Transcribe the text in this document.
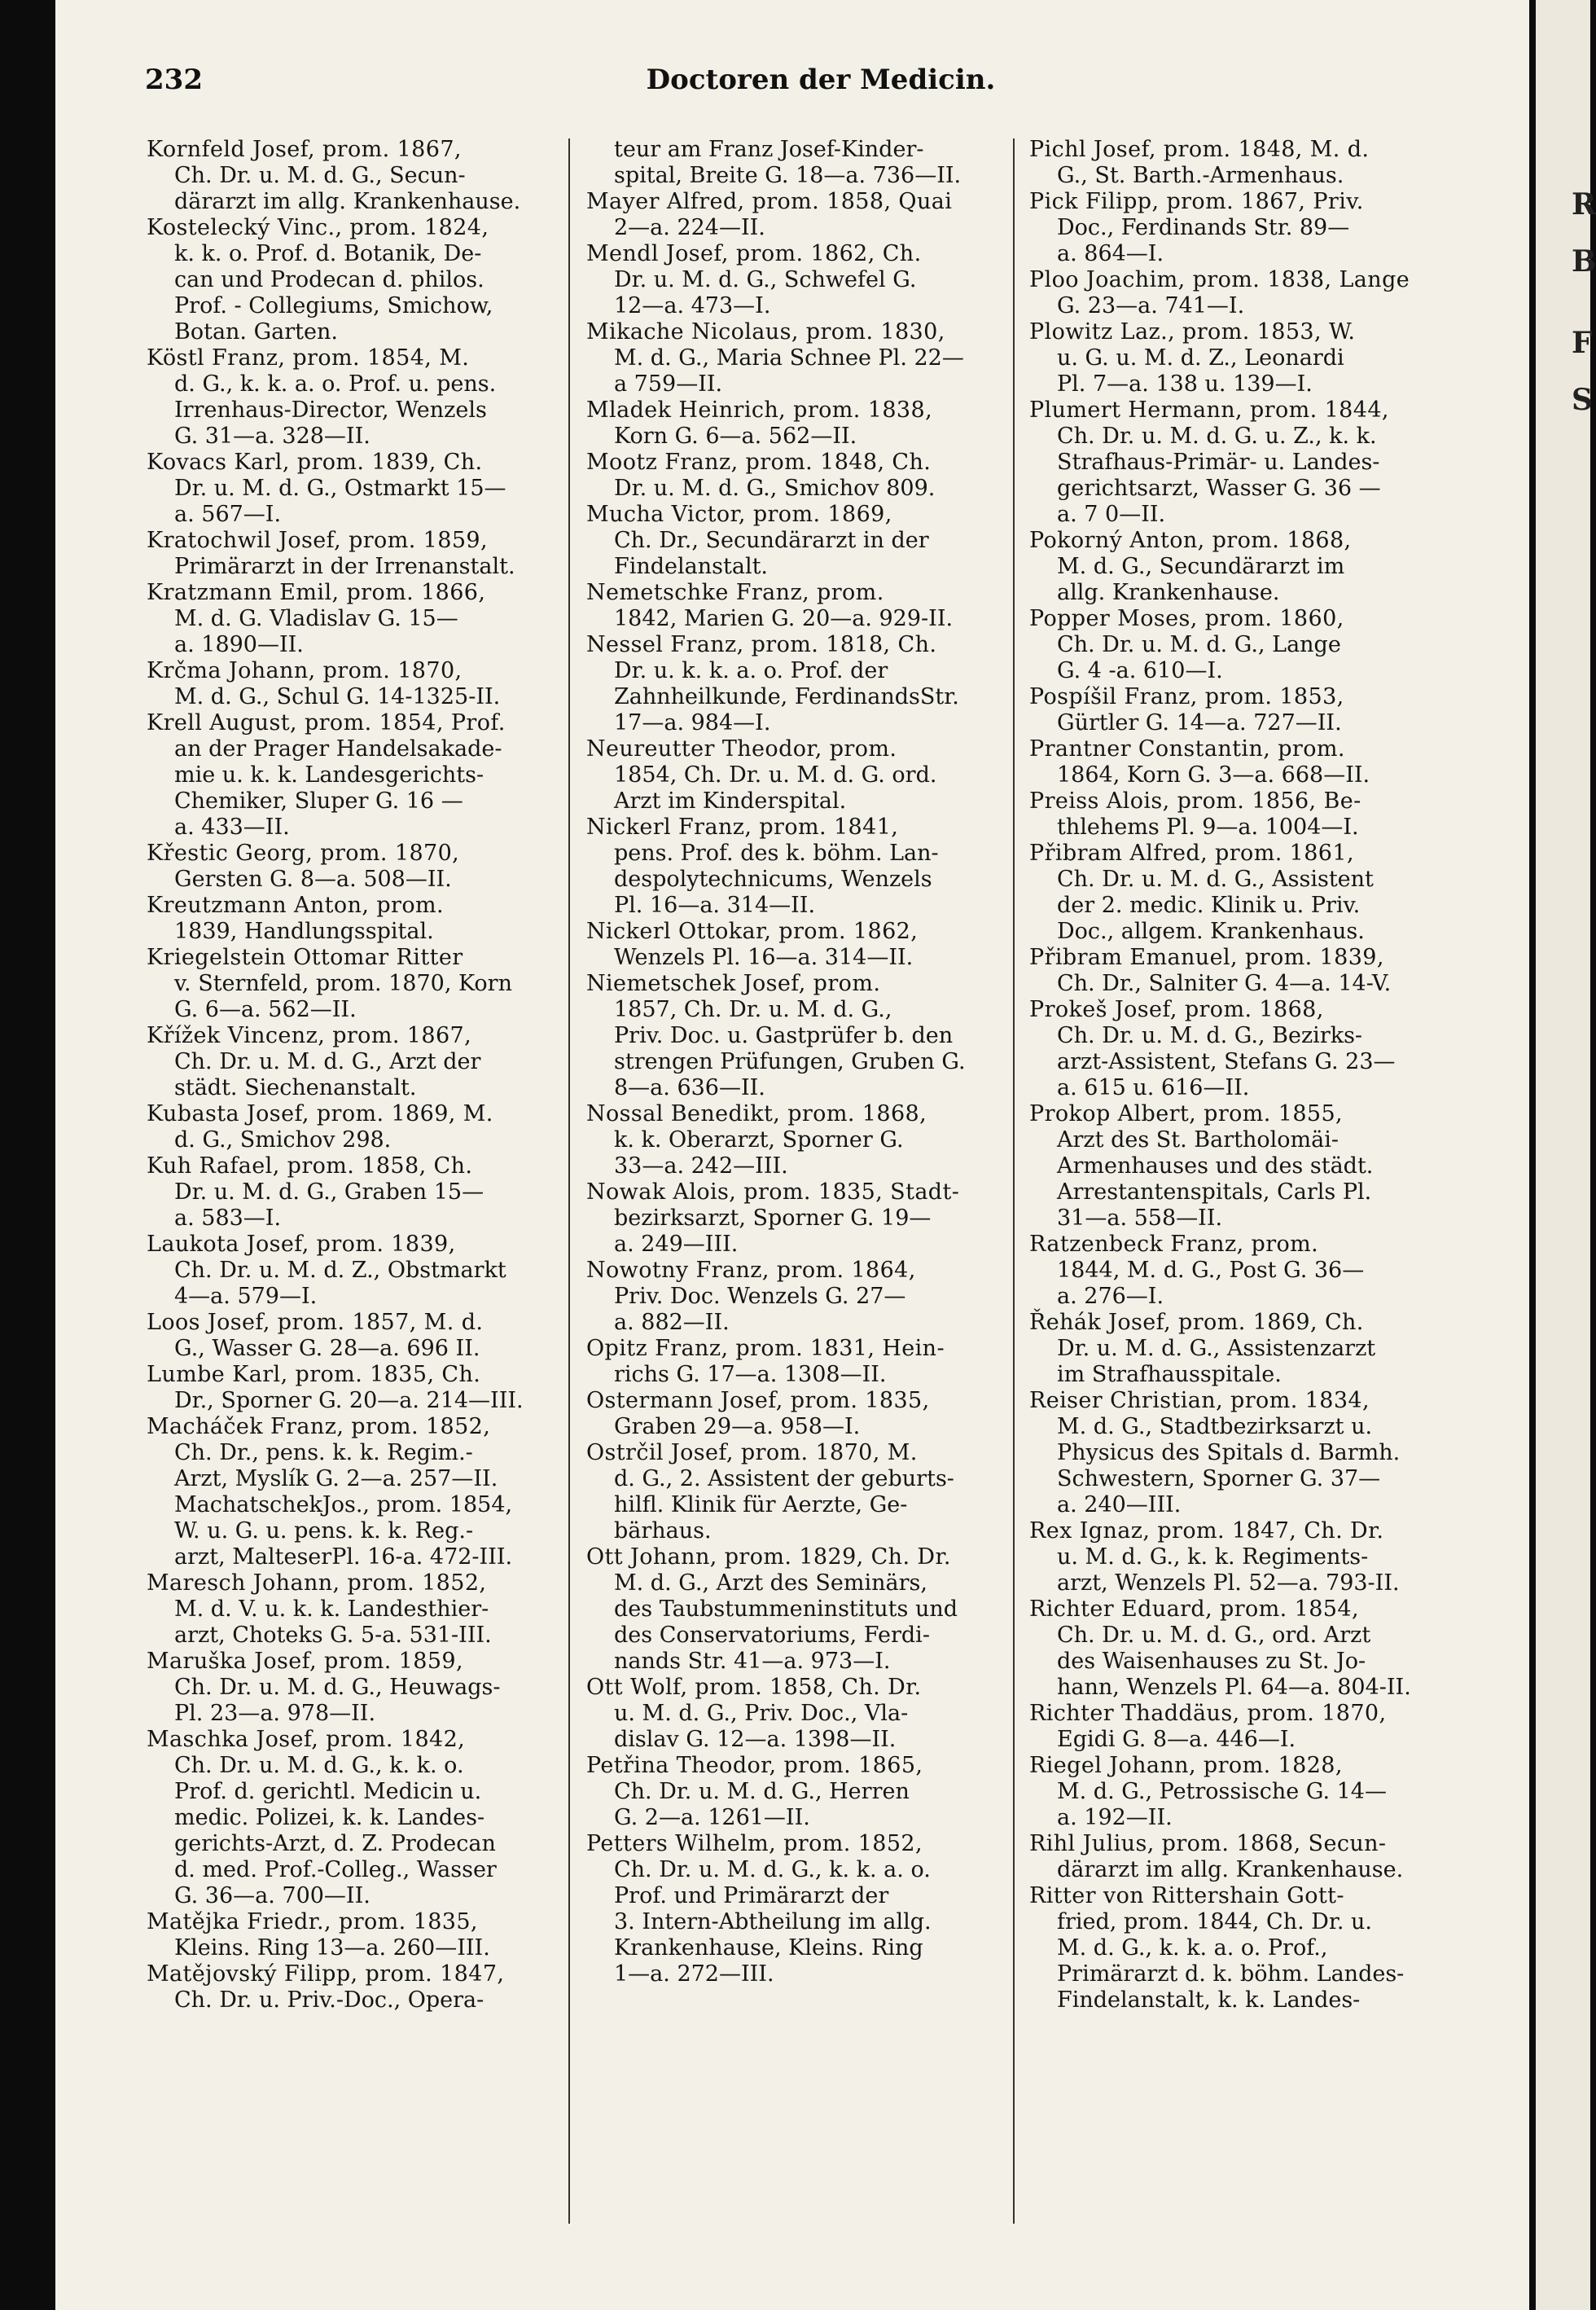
232	Doctoren der Medicin.
Kornfeld Josef, prom. 1867,
Ch. Dr. u. M. d. G., Secun-
därarzt im allg. Krankenhause.
Kostelecký Vinc., prom. 1824,
k. k. o. Prof. d. Botanik, De-
can und Prodecan d. philos.
Prof. - Collegiums, Smichow,
Botan. Garten.
Köstl Franz, prom. 1854, M.
d. G., k. k. a. o. Prof. u. pens.
Irrenhaus-Director, Wenzels
G. 31—a. 328—II.
Kovacs Karl, prom. 1839, Ch.
Dr. u. M. d. G., Ostmarkt 15—
a. 567—I.
Kratochwil Josef, prom. 1859,
Primärarzt in der Irrenanstalt.
Kratzmann Emil, prom. 1866,
M. d. G. Vladislav G. 15—
a. 1890—II.
Krčma Johann, prom. 1870,
M. d. G., Schul G. 14-1325-II.
Krell August, prom. 1854, Prof.
an der Prager Handelsakade-
mie u. k. k. Landesgerichts-
Chemiker, Sluper G. 16 —
a. 433—II.
Křestic Georg, prom. 1870,
Gersten G. 8—a. 508—II.
Kreutzmann Anton, prom.
1839, Handlungsspital.
Kriegelstein Ottomar Ritter
v. Sternfeld, prom. 1870, Korn
G. 6—a. 562—II.
Křížek Vincenz, prom. 1867,
Ch. Dr. u. M. d. G., Arzt der
städt. Siechenanstalt.
Kubasta Josef, prom. 1869, M.
d. G., Smichov 298.
Kuh Rafael, prom. 1858, Ch.
Dr. u. M. d. G., Graben 15—
a. 583—I.
Laukota Josef, prom. 1839,
Ch. Dr. u. M. d. Z., Obstmarkt
4—a. 579—I.
Loos Josef, prom. 1857, M. d.
G., Wasser G. 28—a. 696 II.
Lumbe Karl, prom. 1835, Ch.
Dr., Sporner G. 20—a. 214—III.
Macháček Franz, prom. 1852,
Ch. Dr., pens. k. k. Regim.-
Arzt, Myslík G. 2—a. 257—II.
MachatschekJos., prom. 1854,
W. u. G. u. pens. k. k. Reg.-
arzt, MalteserPl. 16-a. 472-III.
Maresch Johann, prom. 1852,
M. d. V. u. k. k. Landesthier-
arzt, Choteks G. 5-a. 531-III.
Maruška Josef, prom. 1859,
Ch. Dr. u. M. d. G., Heuwags-
Pl. 23—a. 978—II.
Maschka Josef, prom. 1842,
Ch. Dr. u. M. d. G., k. k. o.
Prof. d. gerichtl. Medicin u.
medic. Polizei, k. k. Landes-
gerichts-Arzt, d. Z. Prodecan
d. med. Prof.-Colleg., Wasser
G. 36—a. 700—II.
Matějka Friedr., prom. 1835,
Kleins. Ring 13—a. 260—III.
Matějovský Filipp, prom. 1847,
Ch. Dr. u. Priv.-Doc., Opera-
teur am Franz Josef-Kinder-
spital, Breite G. 18—a. 736—II.
Mayer Alfred, prom. 1858, Quai
2—a. 224—II.
Mendl Josef, prom. 1862, Ch.
Dr. u. M. d. G., Schwefel G.
12—a. 473—I.
Mikache Nicolaus, prom. 1830,
M. d. G., Maria Schnee Pl. 22—
a 759—II.
Mladek Heinrich, prom. 1838,
Korn G. 6—a. 562—II.
Mootz Franz, prom. 1848, Ch.
Dr. u. M. d. G., Smichov 809.
Mucha Victor, prom. 1869,
Ch. Dr., Secundärarzt in der
Findelanstalt.
Nemetschke Franz, prom.
1842, Marien G. 20—a. 929-II.
Nessel Franz, prom. 1818, Ch.
Dr. u. k. k. a. o. Prof. der
Zahnheilkunde, FerdinandsStr.
17—a. 984—I.
Neureutter Theodor, prom.
1854, Ch. Dr. u. M. d. G. ord.
Arzt im Kinderspital.
Nickerl Franz, prom. 1841,
pens. Prof. des k. böhm. Lan-
despolytechnicums, Wenzels
Pl. 16—a. 314—II.
Nickerl Ottokar, prom. 1862,
Wenzels Pl. 16—a. 314—II.
Niemetschek Josef, prom.
1857, Ch. Dr. u. M. d. G.,
Priv. Doc. u. Gastprüfer b. den
strengen Prüfungen, Gruben G.
8—a. 636—II.
Nossal Benedikt, prom. 1868,
k. k. Oberarzt, Sporner G.
33—a. 242—III.
Nowak Alois, prom. 1835, Stadt-
bezirksarzt, Sporner G. 19—
a. 249—III.
Nowotny Franz, prom. 1864,
Priv. Doc. Wenzels G. 27—
a. 882—II.
Opitz Franz, prom. 1831, Hein-
richs G. 17—a. 1308—II.
Ostermann Josef, prom. 1835,
Graben 29—a. 958—I.
Ostrčil Josef, prom. 1870, M.
d. G., 2. Assistent der geburts-
hilfl. Klinik für Aerzte, Ge-
bärhaus.
Ott Johann, prom. 1829, Ch. Dr.
M. d. G., Arzt des Seminärs,
des Taubstummeninstituts und
des Conservatoriums, Ferdi-
nands Str. 41—a. 973—I.
Ott Wolf, prom. 1858, Ch. Dr.
u. M. d. G., Priv. Doc., Vla-
dislav G. 12—a. 1398—II.
Petřina Theodor, prom. 1865,
Ch. Dr. u. M. d. G., Herren
G. 2—a. 1261—II.
Petters Wilhelm, prom. 1852,
Ch. Dr. u. M. d. G., k. k. a. o.
Prof. und Primärarzt der
3. Intern-Abtheilung im allg.
Krankenhause, Kleins. Ring
1—a. 272—III.
Pichl Josef, prom. 1848, M. d.
G., St. Barth.-Armenhaus.
Pick Filipp, prom. 1867, Priv.
Doc., Ferdinands Str. 89—
a. 864—I.
Ploo Joachim, prom. 1838, Lange
G. 23—a. 741—I.
Plowitz Laz., prom. 1853, W.
u. G. u. M. d. Z., Leonardi
Pl. 7—a. 138 u. 139—I.
Plumert Hermann, prom. 1844,
Ch. Dr. u. M. d. G. u. Z., k. k.
Strafhaus-Primär- u. Landes-
gerichtsarzt, Wasser G. 36 —
a. 7 0—II.
Pokorný Anton, prom. 1868,
M. d. G., Secundärarzt im
allg. Krankenhause.
Popper Moses, prom. 1860,
Ch. Dr. u. M. d. G., Lange
G. 4 -a. 610—I.
Pospíšil Franz, prom. 1853,
Gürtler G. 14—a. 727—II.
Prantner Constantin, prom.
1864, Korn G. 3—a. 668—II.
Preiss Alois, prom. 1856, Be-
thlehems Pl. 9—a. 1004—I.
Přibram Alfred, prom. 1861,
Ch. Dr. u. M. d. G., Assistent
der 2. medic. Klinik u. Priv.
Doc., allgem. Krankenhaus.
Přibram Emanuel, prom. 1839,
Ch. Dr., Salniter G. 4—a. 14-V.
Prokeš Josef, prom. 1868,
Ch. Dr. u. M. d. G., Bezirks-
arzt-Assistent, Stefans G. 23—
a. 615 u. 616—II.
Prokop Albert, prom. 1855,
Arzt des St. Bartholomäi-
Armenhauses und des städt.
Arrestantenspitals, Carls Pl.
31—a. 558—II.
Ratzenbeck Franz, prom.
1844, M. d. G., Post G. 36—
a. 276—I.
Řehák Josef, prom. 1869, Ch.
Dr. u. M. d. G., Assistenzarzt
im Strafhausspitale.
Reiser Christian, prom. 1834,
M. d. G., Stadtbezirksarzt u.
Physicus des Spitals d. Barmh.
Schwestern, Sporner G. 37—
a. 240—III.
Rex Ignaz, prom. 1847, Ch. Dr.
u. M. d. G., k. k. Regiments-
arzt, Wenzels Pl. 52—a. 793-II.
Richter Eduard, prom. 1854,
Ch. Dr. u. M. d. G., ord. Arzt
des Waisenhauses zu St. Jo-
hann, Wenzels Pl. 64—a. 804-II.
Richter Thaddäus, prom. 1870,
Egidi G. 8—a. 446—I.
Riegel Johann, prom. 1828,
M. d. G., Petrossische G. 14—
a. 192—II.
Rihl Julius, prom. 1868, Secun-
därarzt im allg. Krankenhause.
Ritter von Rittershain Gott-
fried, prom. 1844, Ch. Dr. u.
M. d. G., k. k. a. o. Prof.,
Primärarzt d. k. böhm. Landes-
Findelanstalt, k. k. Landes-
R
B
F
S
